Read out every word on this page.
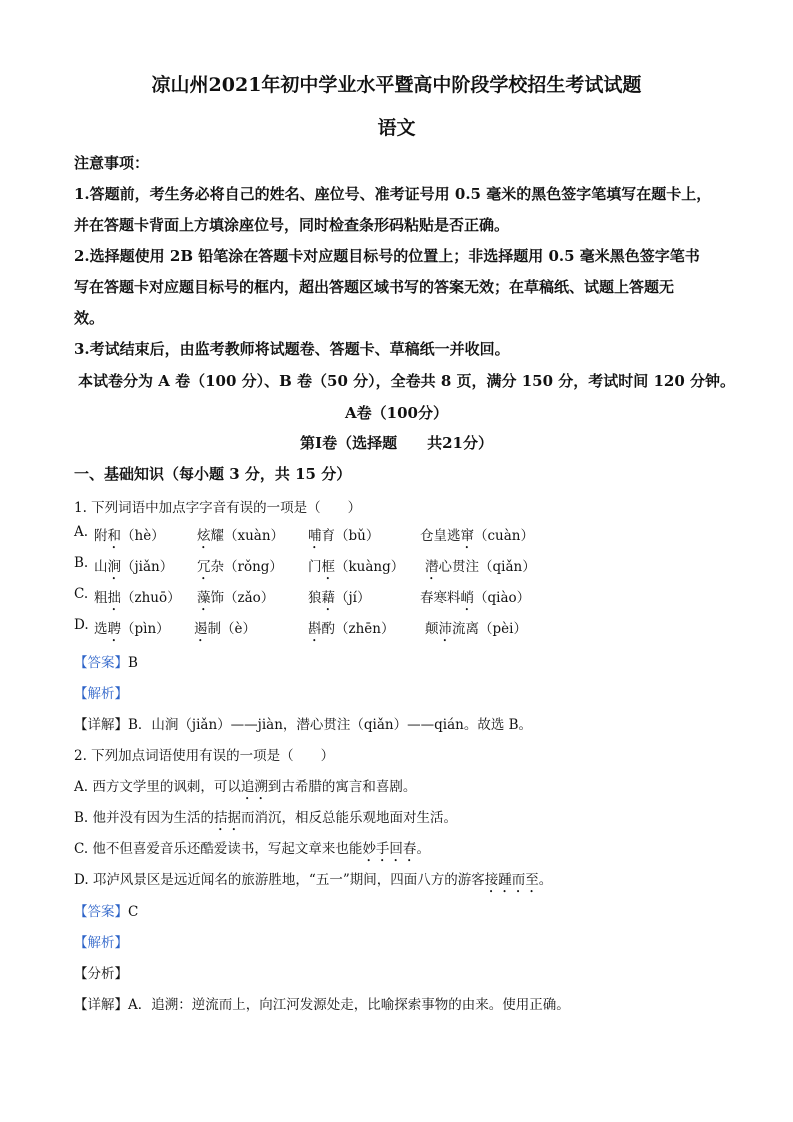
凉山州2021年初中学业水平暨高中阶段学校招生考试试题
语文
注意事项：
1.答题前，考生务必将自己的姓名、座位号、准考证号用 0.5 毫米的黑色签字笔填写在题卡上，
并在答题卡背面上方填涂座位号，同时检查条形码粘贴是否正确。
2.选择题使用 2B 铅笔涂在答题卡对应题目标号的位置上；非选择题用 0.5 毫米黑色签字笔书
写在答题卡对应题目标号的框内，超出答题区域书写的答案无效；在草稿纸、试题上答题无
效。
3.考试结束后，由监考教师将试题卷、答题卡、草稿纸一并收回。
本试卷分为 A 卷（100 分）、B 卷（50 分），全卷共 8 页，满分 150 分，考试时间 120 分钟。
A卷（100分）
第Ⅰ卷（选择题　　共21分）
一、基础知识（每小题 3 分，共 15 分）
1. 下列词语中加点字字音有误的一项是（　　）
A. 附和（hè） 炫耀（xuàn） 哺育（bǔ）	仓皇逃窜（cuàn）
B. 山涧（jiǎn） 冗杂（rǒng） 门框（kuàng） 潜心贯注（qiǎn）
C. 粗拙（zhuō） 藻饰（zǎo） 狼藉（jí）	春寒料峭（qiào）
D. 选聘（pìn） 遏制（è）	斟酌（zhēn） 颠沛流离（pèi）
【答案】B
【解析】
【详解】B．山涧（jiǎn）——jiàn，潜心贯注（qiǎn）——qián。故选 B。
2. 下列加点词语使用有误的一项是（　　）
A. 西方文学里的讽刺，可以追溯到古希腊的寓言和喜剧。
B. 他并没有因为生活的拮据而消沉，相反总能乐观地面对生活。
C. 他不但喜爱音乐还酷爱读书，写起文章来也能妙手回春。
D. 邛泸风景区是远近闻名的旅游胜地，“五一”期间，四面八方的游客接踵而至。
【答案】C
【解析】
【分析】
【详解】A．追溯：逆流而上，向江河发源处走，比喻探索事物的由来。使用正确。
